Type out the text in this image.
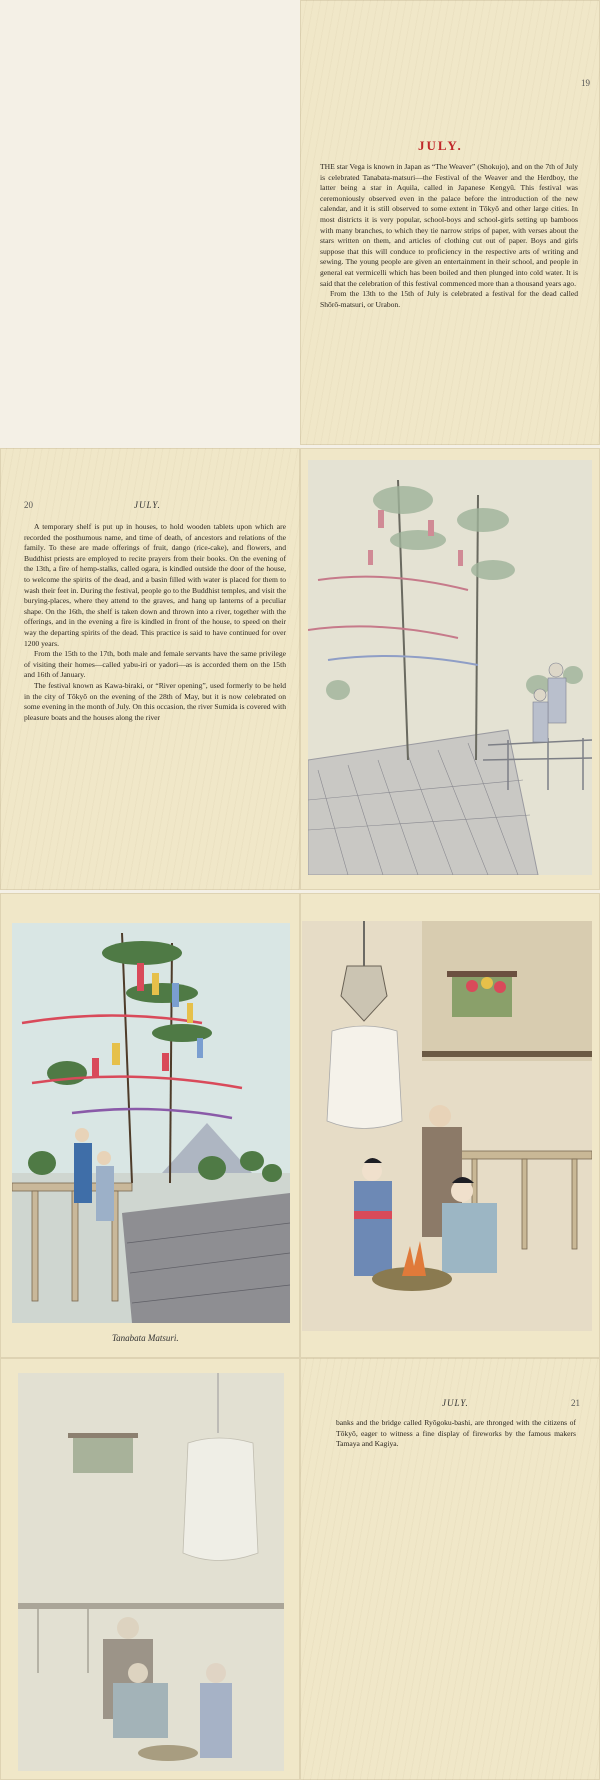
19
JULY.

THE star Vega is known in Japan as “The Weaver” (Shokujo), and on the 7th of July is celebrated Tanabata-matsuri—the Festival of the Weaver and the Herdboy, the latter being a star in Aquila, called in Japanese Kengyū. This festival was ceremoniously observed even in the palace before the introduction of the new calendar, and it is still observed to some extent in Tōkyō and other large cities. In most districts it is very popular, school-boys and school-girls setting up bamboos with many branches, to which they tie narrow strips of paper, with verses about the stars written on them, and articles of clothing cut out of paper. Boys and girls suppose that this will conduce to proficiency in the respective arts of writing and sewing. The young people are given an entertainment in their school, and people in general eat vermicelli which has been boiled and then plunged into cold water. It is said that the celebration of this festival commenced more than a thousand years ago.

From the 13th to the 15th of July is celebrated a festival for the dead called Shōrō-matsuri, or Urabon.

20	JULY.

A temporary shelf is put up in houses, to hold wooden tablets upon which are recorded the posthumous name, and time of death, of ancestors and relations of the family. To these are made offerings of fruit, dango (rice-cake), and flowers, and Buddhist priests are employed to recite prayers from their books. On the evening of the 13th, a fire of hemp-stalks, called ogara, is kindled outside the door of the house, to welcome the spirits of the dead, and a basin filled with water is placed for them to wash their feet in. During the festival, people go to the Buddhist temples, and visit the burying-places, where they attend to the graves, and hang up lanterns of a peculiar shape. On the 16th, the shelf is taken down and thrown into a river, together with the offerings, and in the evening a fire is kindled in front of the house, to speed on their way the departing spirits of the dead. This practice is said to have continued for over 1200 years.

From the 15th to the 17th, both male and female servants have the same privilege of visiting their homes—called yabu-iri or yadori—as is accorded them on the 15th and 16th of January.

The festival known as Kawa-biraki, or “River opening”, used formerly to be held in the city of Tōkyō on the evening of the 28th of May, but it is now celebrated on some evening in the month of July. On this occasion, the river Sumida is covered with pleasure boats and the houses along the river

Tanabata Matsuri.
JULY.	21

banks and the bridge called Ryōgoku-bashi, are thronged with the citizens of Tōkyō, eager to witness a fine display of fireworks by the famous makers Tamaya and Kagiya.
